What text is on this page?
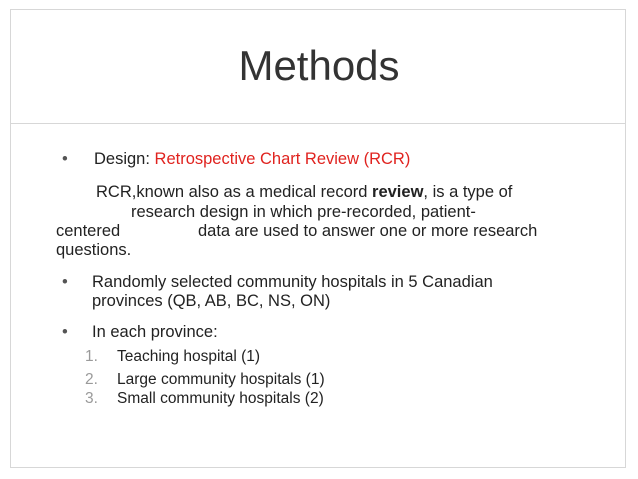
Methods
• Design: Retrospective Chart Review (RCR)
RCR,known also as a medical record review, is a type of
research design in which pre-recorded, patient-
centered	data are used to answer one or more research
questions.
• Randomly selected community hospitals in 5 Canadian
provinces (QB, AB, BC, NS, ON)
• In each province:
1. Teaching hospital (1)
2. Large community hospitals (1)
3. Small community hospitals (2)
